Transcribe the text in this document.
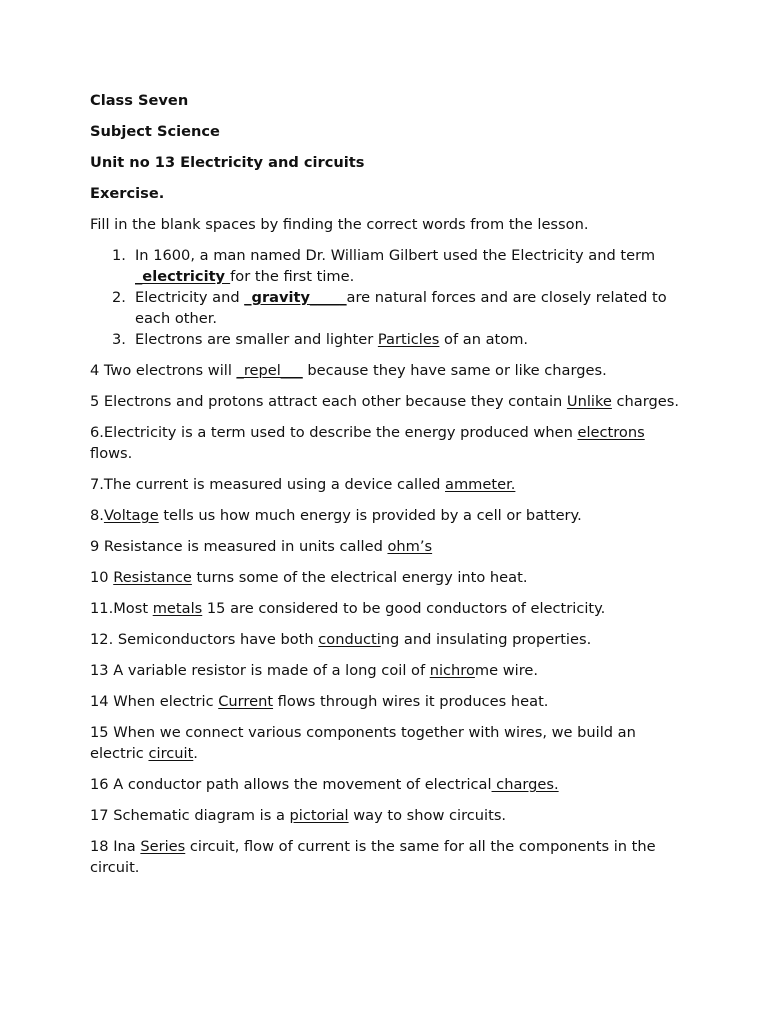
Class Seven
Subject Science
Unit no 13 Electricity and circuits
Exercise.
Fill in the blank spaces by finding the correct words from the lesson.
1. In 1600, a man named Dr. William Gilbert used the Electricity and term _electricity for the first time.
2. Electricity and _gravity_____are natural forces and are closely related to each other.
3. Electrons are smaller and lighter Particles of an atom.
4 Two electrons will _repel___ because they have same or like charges.
5 Electrons and protons attract each other because they contain Unlike charges.
6.Electricity is a term used to describe the energy produced when electrons flows.
7.The current is measured using a device called ammeter.
8.Voltage tells us how much energy is provided by a cell or battery.
9 Resistance is measured in units called ohm’s
10 Resistance turns some of the electrical energy into heat.
11.Most metals 15 are considered to be good conductors of electricity.
12. Semiconductors have both conducting and insulating properties.
13 A variable resistor is made of a long coil of nichrome wire.
14 When electric Current flows through wires it produces heat.
15 When we connect various components together with wires, we build an electric circuit.
16 A conductor path allows the movement of electrical charges.
17 Schematic diagram is a pictorial way to show circuits.
18 Ina Series circuit, flow of current is the same for all the components in the circuit.
